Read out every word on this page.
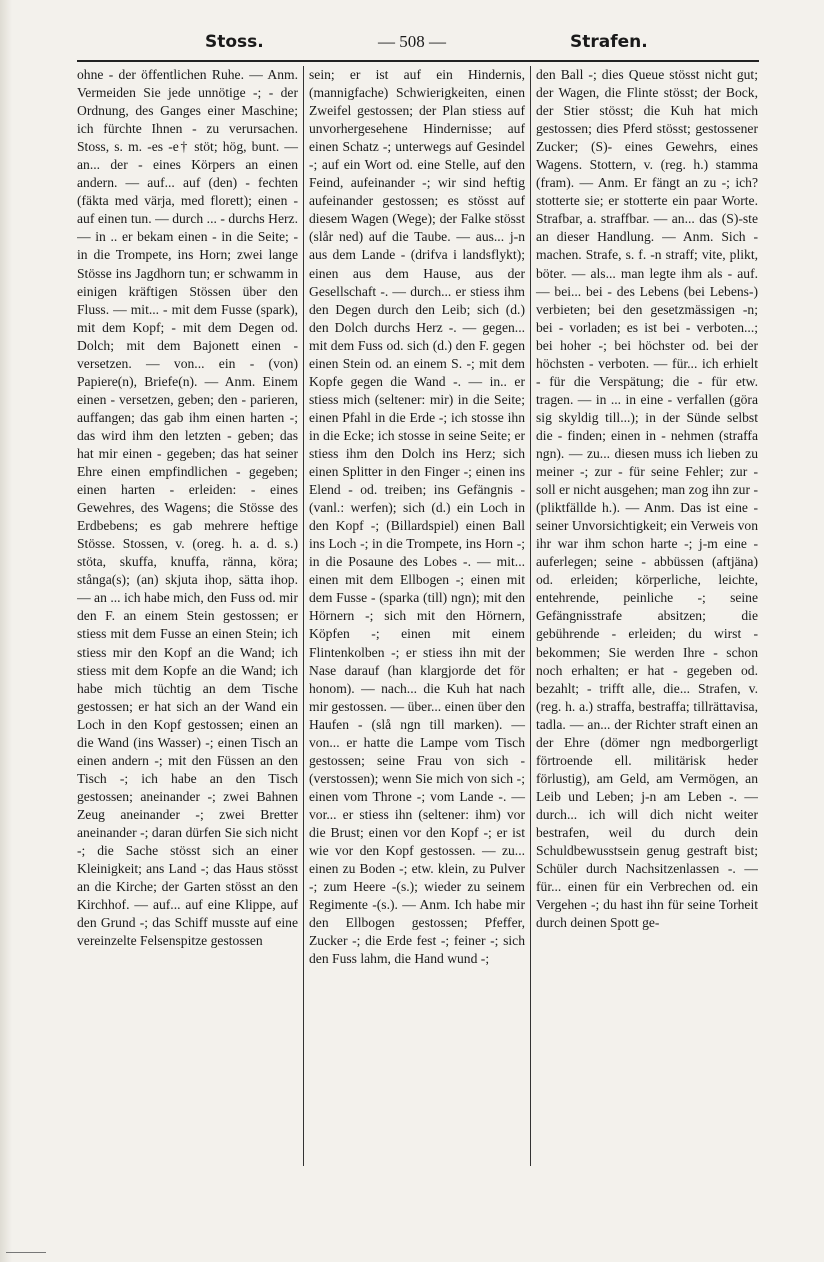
Stoss.	— 508 —	Strafen.

ohne - der öffentlichen Ruhe. — Anm. Vermeiden Sie jede unnötige -; - der Ordnung, des Ganges einer Maschine; ich fürchte Ihnen - zu verursachen. Stoss, s. m. -es -e† stöt; hög, bunt. — an... der - eines Körpers an einen andern. — auf... auf (den) - fechten (fäkta med värja, med florett); einen - auf einen tun. — durch ... - durchs Herz. — in .. er bekam einen - in die Seite; - in die Trompete, ins Horn; zwei lange Stösse ins Jagdhorn tun; er schwamm in einigen kräftigen Stössen über den Fluss. — mit... - mit dem Fusse (spark), mit dem Kopf; - mit dem Degen od. Dolch; mit dem Bajonett einen - versetzen. — von... ein - (von) Papiere(n), Briefe(n). — Anm. Einem einen - versetzen, geben; den - parieren, auffangen; das gab ihm einen harten -; das wird ihm den letzten - geben; das hat mir einen - gegeben; das hat seiner Ehre einen empfindlichen - gegeben; einen harten - erleiden: - eines Gewehres, des Wagens; die Stösse des Erdbebens; es gab mehrere heftige Stösse. Stossen, v. (oreg. h. a. d. s.) stöta, skuffa, knuffa, ränna, köra; stånga(s); (an) skjuta ihop, sätta ihop. — an ... ich habe mich, den Fuss od. mir den F. an einem Stein gestossen; er stiess mit dem Fusse an einen Stein; ich stiess mir den Kopf an die Wand; ich stiess mit dem Kopfe an die Wand; ich habe mich tüchtig an dem Tische gestossen; er hat sich an der Wand ein Loch in den Kopf gestossen; einen an die Wand (ins Wasser) -; einen Tisch an einen andern -; mit den Füssen an den Tisch -; ich habe an den Tisch gestossen; aneinander -; zwei Bahnen Zeug aneinander -; zwei Bretter aneinander -; daran dürfen Sie sich nicht -; die Sache stösst sich an einer Kleinigkeit; ans Land -; das Haus stösst an die Kirche; der Garten stösst an den Kirchhof. — auf... auf eine Klippe, auf den Grund -; das Schiff musste auf eine vereinzelte Felsenspitze gestossen

sein; er ist auf ein Hindernis, (mannigfache) Schwierigkeiten, einen Zweifel gestossen; der Plan stiess auf unvorhergesehene Hindernisse; auf einen Schatz -; unterwegs auf Gesindel -; auf ein Wort od. eine Stelle, auf den Feind, aufeinander -; wir sind heftig aufeinander gestossen; es stösst auf diesem Wagen (Wege); der Falke stösst (slår ned) auf die Taube. — aus... j-n aus dem Lande - (drifva i landsflykt); einen aus dem Hause, aus der Gesellschaft -. — durch... er stiess ihm den Degen durch den Leib; sich (d.) den Dolch durchs Herz -. — gegen... mit dem Fuss od. sich (d.) den F. gegen einen Stein od. an einem S. -; mit dem Kopfe gegen die Wand -. — in.. er stiess mich (seltener: mir) in die Seite; einen Pfahl in die Erde -; ich stosse ihn in die Ecke; ich stosse in seine Seite; er stiess ihm den Dolch ins Herz; sich einen Splitter in den Finger -; einen ins Elend - od. treiben; ins Gefängnis - (vanl.: werfen); sich (d.) ein Loch in den Kopf -; (Billardspiel) einen Ball ins Loch -; in die Trompete, ins Horn -; in die Posaune des Lobes -. — mit... einen mit dem Ellbogen -; einen mit dem Fusse - (sparka (till) ngn); mit den Hörnern -; sich mit den Hörnern, Köpfen -; einen mit einem Flintenkolben -; er stiess ihn mit der Nase darauf (han klargjorde det för honom). — nach... die Kuh hat nach mir gestossen. — über... einen über den Haufen - (slå ngn till marken). — von... er hatte die Lampe vom Tisch gestossen; seine Frau von sich - (verstossen); wenn Sie mich von sich -; einen vom Throne -; vom Lande -. — vor... er stiess ihn (seltener: ihm) vor die Brust; einen vor den Kopf -; er ist wie vor den Kopf gestossen. — zu... einen zu Boden -; etw. klein, zu Pulver -; zum Heere -(s.); wieder zu seinem Regimente -(s.). — Anm. Ich habe mir den Ellbogen gestossen; Pfeffer, Zucker -; die Erde fest -; feiner -; sich den Fuss lahm, die Hand wund -;

den Ball -; dies Queue stösst nicht gut; der Wagen, die Flinte stösst; der Bock, der Stier stösst; die Kuh hat mich gestossen; dies Pferd stösst; gestossener Zucker; (S)- eines Gewehrs, eines Wagens. Stottern, v. (reg. h.) stamma (fram). — Anm. Er fängt an zu -; ich? stotterte sie; er stotterte ein paar Worte. Strafbar, a. straffbar. — an... das (S)-ste an dieser Handlung. — Anm. Sich - machen. Strafe, s. f. -n straff; vite, plikt, böter. — als... man legte ihm als - auf. — bei... bei - des Lebens (bei Lebens-) verbieten; bei den gesetzmässigen -n; bei - vorladen; es ist bei - verboten...; bei hoher -; bei höchster od. bei der höchsten - verboten. — für... ich erhielt - für die Verspätung; die - für etw. tragen. — in ... in eine - verfallen (göra sig skyldig till...); in der Sünde selbst die - finden; einen in - nehmen (straffa ngn). — zu... diesen muss ich lieben zu meiner -; zur - für seine Fehler; zur - soll er nicht ausgehen; man zog ihn zur - (pliktfällde h.). — Anm. Das ist eine - seiner Unvorsichtigkeit; ein Verweis von ihr war ihm schon harte -; j-m eine - auferlegen; seine - abbüssen (aftjäna) od. erleiden; körperliche, leichte, entehrende, peinliche -; seine Gefängnisstrafe absitzen; die gebührende - erleiden; du wirst - bekommen; Sie werden Ihre - schon noch erhalten; er hat - gegeben od. bezahlt; - trifft alle, die... Strafen, v. (reg. h. a.) straffa, bestraffa; tillrättavisa, tadla. — an... der Richter straft einen an der Ehre (dömer ngn medborgerligt förtroende ell. militärisk heder förlustig), am Geld, am Vermögen, an Leib und Leben; j-n am Leben -. — durch... ich will dich nicht weiter bestrafen, weil du durch dein Schuldbewusstsein genug gestraft bist; Schüler durch Nachsitzenlassen -. — für... einen für ein Verbrechen od. ein Vergehen -; du hast ihn für seine Torheit durch deinen Spott ge-
